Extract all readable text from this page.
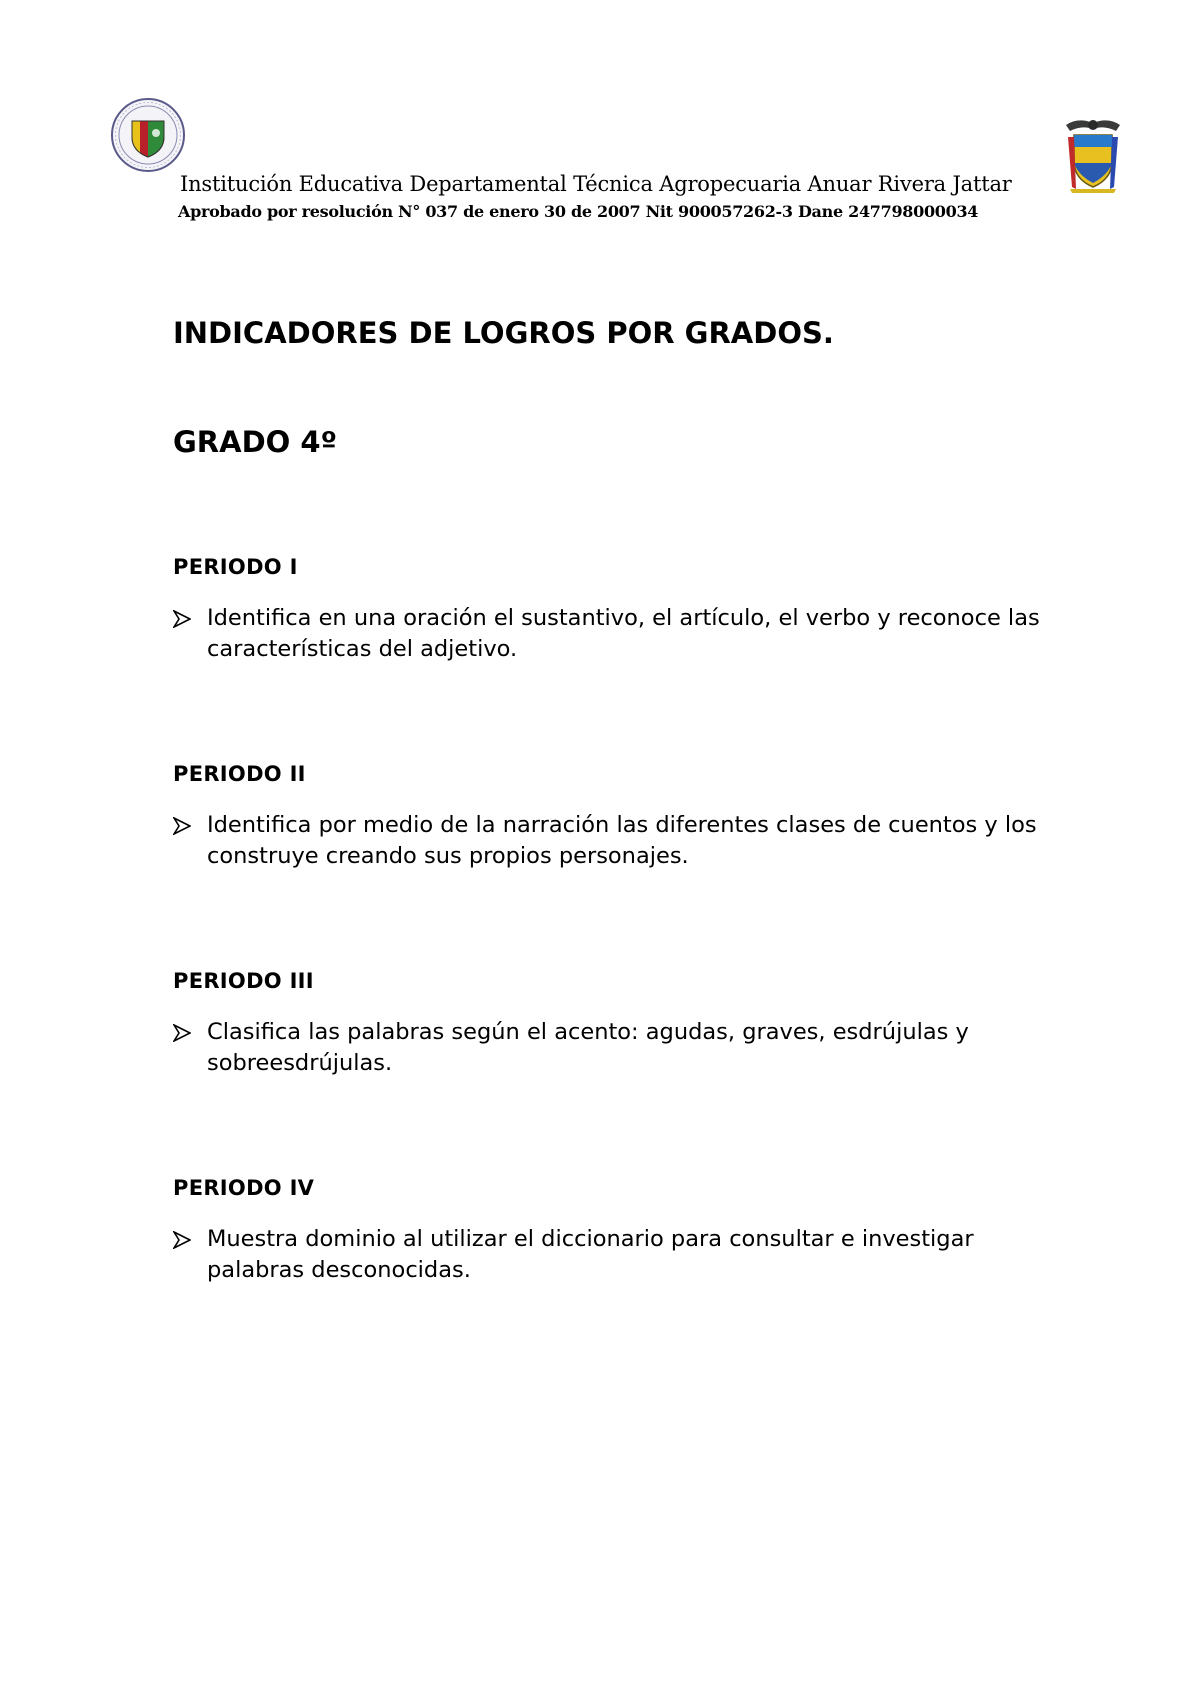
Institución Educativa Departamental Técnica Agropecuaria Anuar Rivera Jattar
Aprobado por resolución N° 037 de enero 30 de 2007 Nit 900057262-3 Dane 247798000034
INDICADORES DE LOGROS POR GRADOS.
GRADO 4º
PERIODO I
Identifica en una oración el sustantivo, el artículo, el verbo y reconoce las características del adjetivo.
PERIODO II
Identifica por medio de la narración las diferentes clases de cuentos y los construye creando sus propios personajes.
PERIODO III
Clasifica las palabras según el acento: agudas, graves, esdrújulas y sobreesdrújulas.
PERIODO IV
Muestra dominio al utilizar el diccionario para consultar e investigar palabras desconocidas.
